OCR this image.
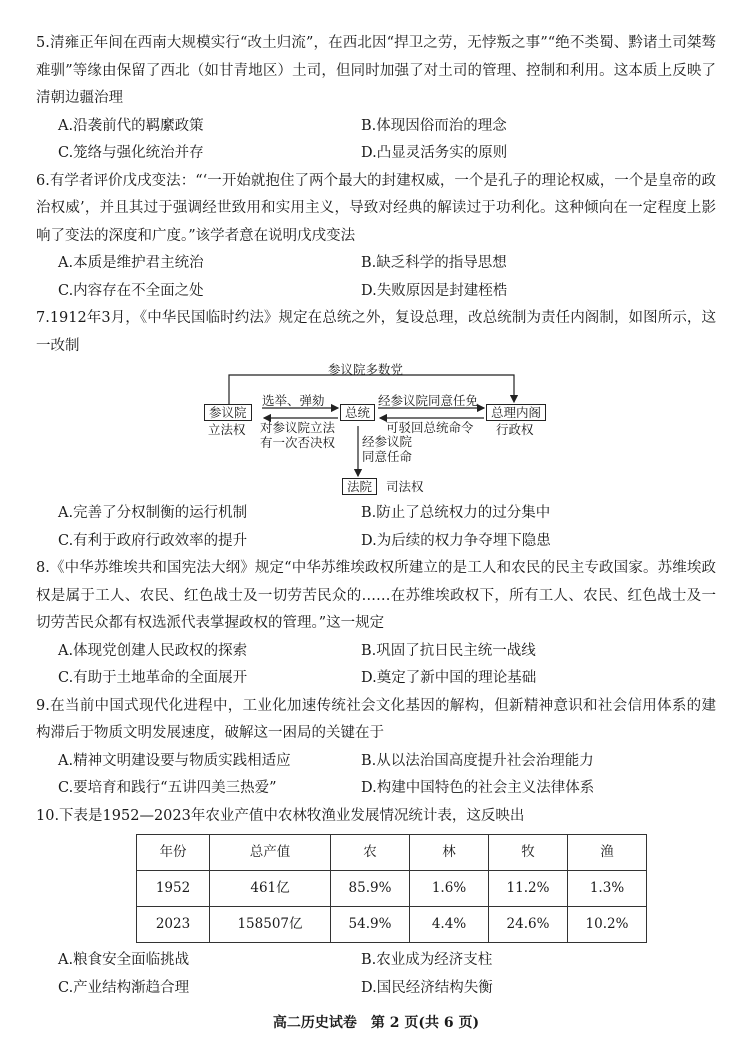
5.清雍正年间在西南大规模实行“改土归流”，在西北因“捍卫之劳，无悖叛之事”“绝不类蜀、黔诸土司桀骜难驯”等缘由保留了西北（如甘青地区）土司，但同时加强了对土司的管理、控制和利用。这本质上反映了清朝边疆治理
A.沿袭前代的羁縻政策	B.体现因俗而治的理念
C.笼络与强化统治并存	D.凸显灵活务实的原则
6.有学者评价戊戌变法：“‘一开始就抱住了两个最大的封建权威，一个是孔子的理论权威，一个是皇帝的政治权威’，并且其过于强调经世致用和实用主义，导致对经典的解读过于功利化。这种倾向在一定程度上影响了变法的深度和广度。”该学者意在说明戊戌变法
A.本质是维护君主统治	B.缺乏科学的指导思想
C.内容存在不全面之处	D.失败原因是封建桎梏
7.1912年3月，《中华民国临时约法》规定在总统之外，复设总理，改总统制为责任内阁制，如图所示，这一改制
参议院多数党
参议院
立法权
选举、弹劾
对参议院立法
有一次否决权
总统
经参议院同意任免
可驳回总统命令
总理内阁
行政权
经参议院
同意任命
法院	司法权
A.完善了分权制衡的运行机制	B.防止了总统权力的过分集中
C.有利于政府行政效率的提升	D.为后续的权力争夺埋下隐患
8.《中华苏维埃共和国宪法大纲》规定“中华苏维埃政权所建立的是工人和农民的民主专政国家。苏维埃政权是属于工人、农民、红色战士及一切劳苦民众的……在苏维埃政权下，所有工人、农民、红色战士及一切劳苦民众都有权选派代表掌握政权的管理。”这一规定
A.体现党创建人民政权的探索	B.巩固了抗日民主统一战线
C.有助于土地革命的全面展开	D.奠定了新中国的理论基础
9.在当前中国式现代化进程中，工业化加速传统社会文化基因的解构，但新精神意识和社会信用体系的建构滞后于物质文明发展速度，破解这一困局的关键在于
A.精神文明建设要与物质实践相适应	B.从以法治国高度提升社会治理能力
C.要培育和践行“五讲四美三热爱”	D.构建中国特色的社会主义法律体系
10.下表是1952—2023年农业产值中农林牧渔业发展情况统计表，这反映出
年份	总产值	农	林	牧	渔
1952	461亿	85.9%	1.6%	11.2%	1.3%
2023	158507亿	54.9%	4.4%	24.6%	10.2%
A.粮食安全面临挑战	B.农业成为经济支柱
C.产业结构渐趋合理	D.国民经济结构失衡
高二历史试卷　第 2 页(共 6 页)
